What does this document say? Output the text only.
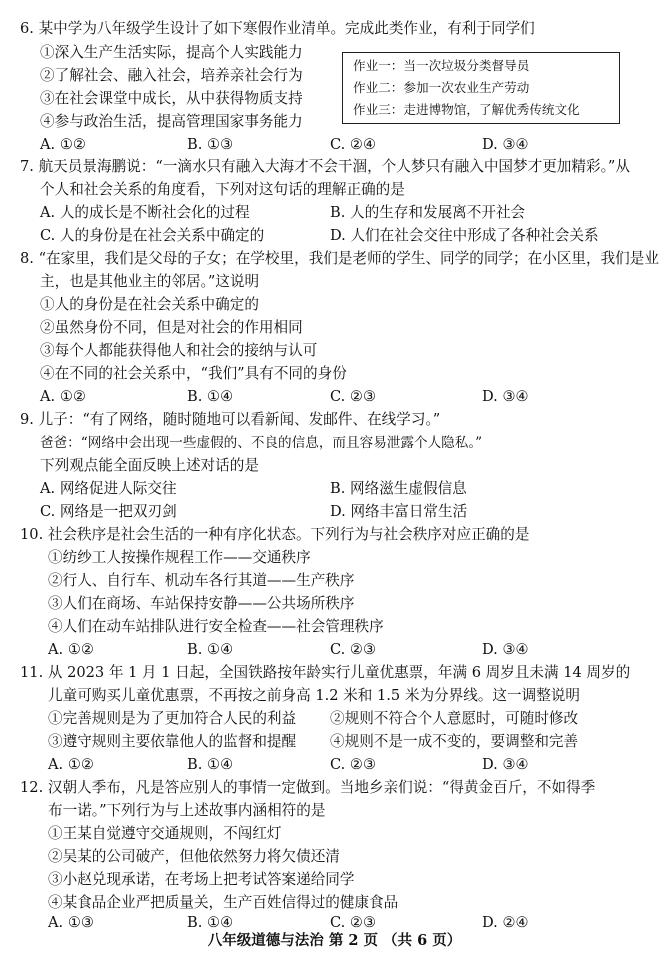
6. 某中学为八年级学生设计了如下寒假作业清单。完成此类作业，有利于同学们
①深入生产生活实际，提高个人实践能力
②了解社会、融入社会，培养亲社会行为
③在社会课堂中成长，从中获得物质支持
④参与政治生活，提高管理国家事务能力
作业一：当一次垃圾分类督导员
作业二：参加一次农业生产劳动
作业三：走进博物馆，了解优秀传统文化
A. ①②	B. ①③	C. ②④	D. ③④
7. 航天员景海鹏说：“一滴水只有融入大海才不会干涸，个人梦只有融入中国梦才更加精彩。”从
个人和社会关系的角度看，下列对这句话的理解正确的是
A. 人的成长是不断社会化的过程	B. 人的生存和发展离不开社会
C. 人的身份是在社会关系中确定的	D. 人们在社会交往中形成了各种社会关系
8. “在家里，我们是父母的子女；在学校里，我们是老师的学生、同学的同学；在小区里，我们是业
主，也是其他业主的邻居。”这说明
①人的身份是在社会关系中确定的
②虽然身份不同，但是对社会的作用相同
③每个人都能获得他人和社会的接纳与认可
④在不同的社会关系中，“我们”具有不同的身份
A. ①②	B. ①④	C. ②③	D. ③④
9. 儿子：“有了网络，随时随地可以看新闻、发邮件、在线学习。”
爸爸：“网络中会出现一些虚假的、不良的信息，而且容易泄露个人隐私。”
下列观点能全面反映上述对话的是
A. 网络促进人际交往	B. 网络滋生虚假信息
C. 网络是一把双刃剑	D. 网络丰富日常生活
10. 社会秩序是社会生活的一种有序化状态。下列行为与社会秩序对应正确的是
①纺纱工人按操作规程工作——交通秩序
②行人、自行车、机动车各行其道——生产秩序
③人们在商场、车站保持安静——公共场所秩序
④人们在动车站排队进行安全检查——社会管理秩序
A. ①②	B. ①④	C. ②③	D. ③④
11. 从 2023 年 1 月 1 日起，全国铁路按年龄实行儿童优惠票，年满 6 周岁且未满 14 周岁的
儿童可购买儿童优惠票，不再按之前身高 1.2 米和 1.5 米为分界线。这一调整说明
①完善规则是为了更加符合人民的利益 ②规则不符合个人意愿时，可随时修改
③遵守规则主要依靠他人的监督和提醒 ④规则不是一成不变的，要调整和完善
A. ①②	B. ①④	C. ②③	D. ③④
12. 汉朝人季布，凡是答应别人的事情一定做到。当地乡亲们说：“得黄金百斤，不如得季
布一诺。”下列行为与上述故事内涵相符的是
①王某自觉遵守交通规则，不闯红灯
②吴某的公司破产，但他依然努力将欠债还清
③小赵兑现承诺，在考场上把考试答案递给同学
④某食品企业严把质量关，生产百姓信得过的健康食品
A. ①③	B. ①④	C. ②③	D. ②④
八年级道德与法治 第 2 页 （共 6 页）
